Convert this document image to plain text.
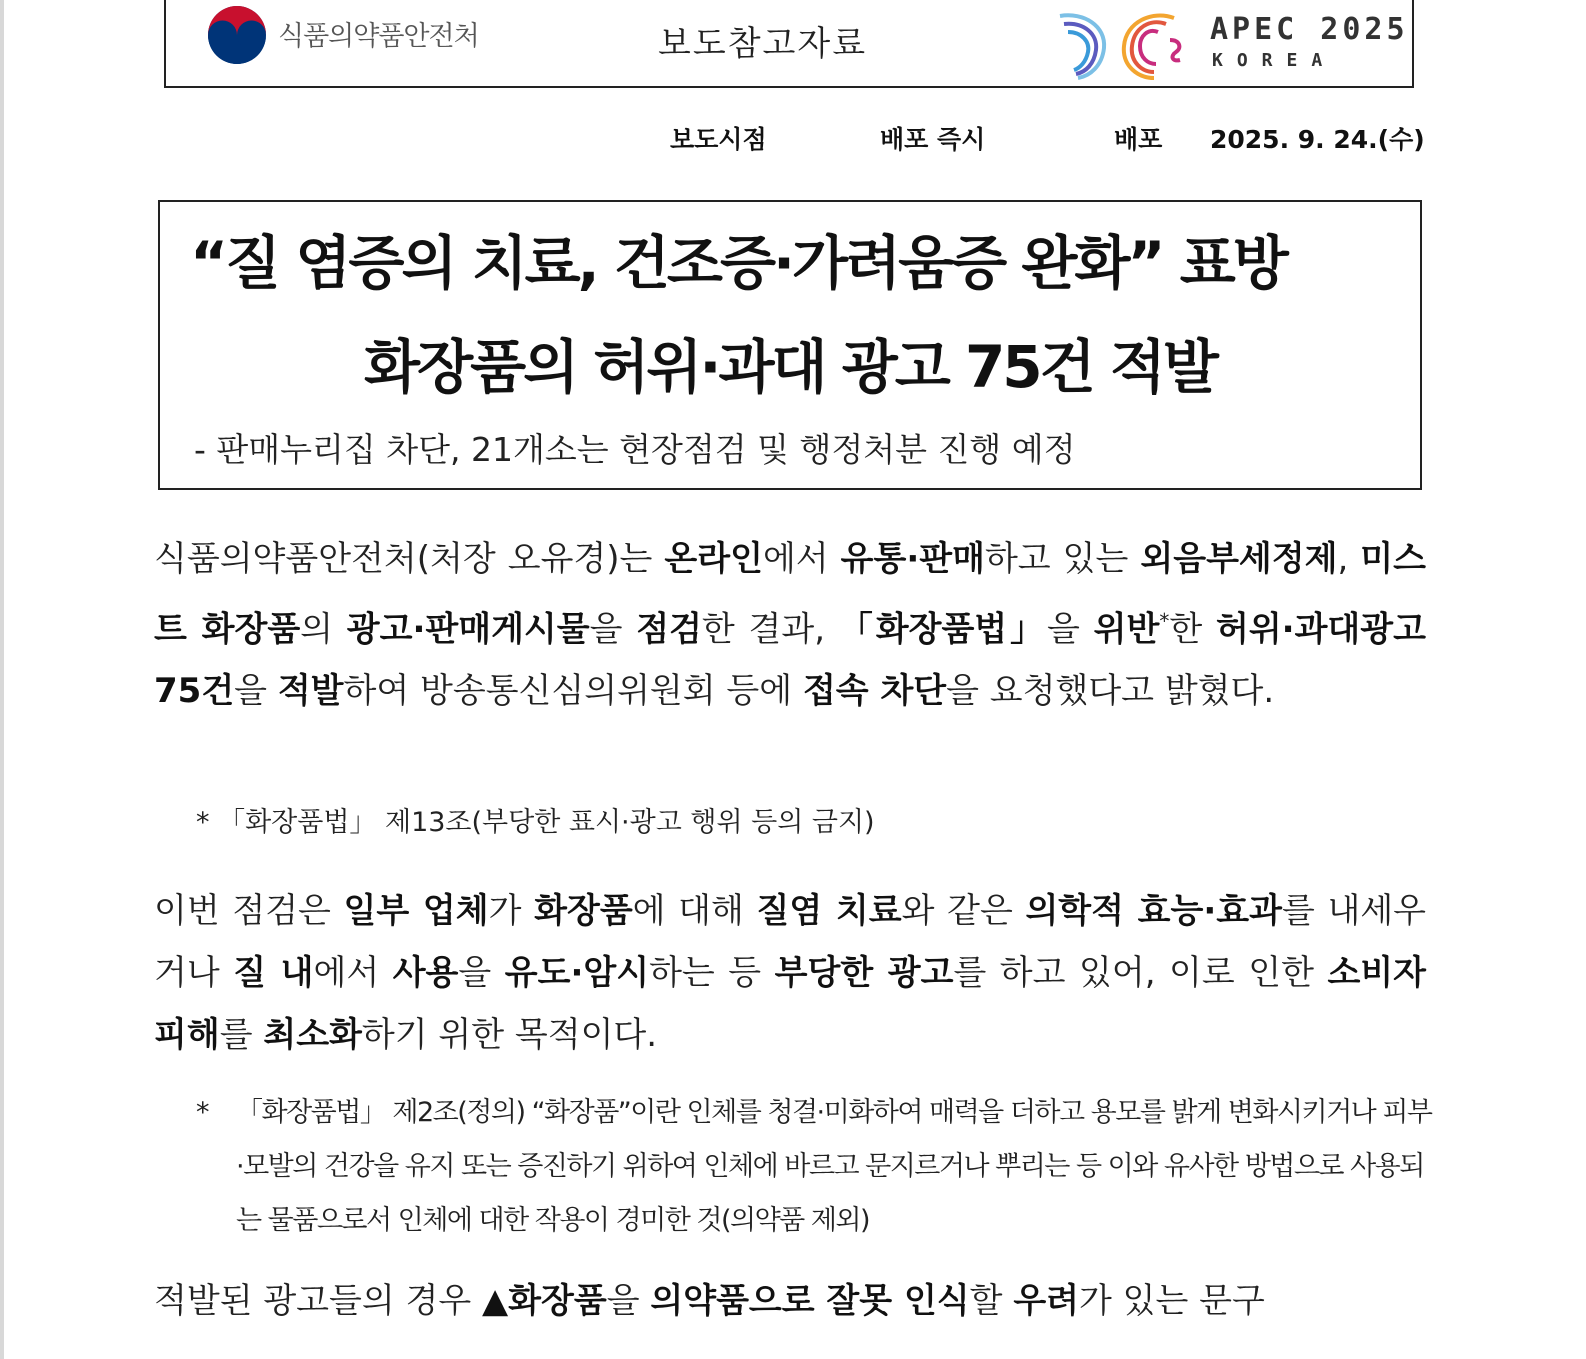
식품의약품안전처	보도참고자료	APEC 2025
KOREA
보도시점	배포 즉시	배포 2025. 9. 24.(수)
“질 염증의 치료, 건조증·가려움증 완화” 표방
화장품의 허위·과대 광고 75건 적발
- 판매누리집 차단, 21개소는 현장점검 및 행정처분 진행 예정
식품의약품안전처(처장 오유경)는 온라인에서 유통·판매하고 있는 외음부세정제, 미스트 화장품의 광고·판매게시물을 점검한 결과, 「화장품법」을 위반*한 허위·과대광고 75건을 적발하여 방송통신심의위원회 등에 접속 차단을 요청했다고 밝혔다.
* 「화장품법」 제13조(부당한 표시·광고 행위 등의 금지)
이번 점검은 일부 업체가 화장품에 대해 질염 치료와 같은 의학적 효능·효과를 내세우거나 질 내에서 사용을 유도·암시하는 등 부당한 광고를 하고 있어, 이로 인한 소비자 피해를 최소화하기 위한 목적이다.
* 「화장품법」 제2조(정의) “화장품”이란 인체를 청결·미화하여 매력을 더하고 용모를 밝게 변화시키거나 피부·모발의 건강을 유지 또는 증진하기 위하여 인체에 바르고 문지르거나 뿌리는 등 이와 유사한 방법으로 사용되는 물품으로서 인체에 대한 작용이 경미한 것(의약품 제외)
적발된 광고들의 경우 ▲화장품을 의약품으로 잘못 인식할 우려가 있는 문구
